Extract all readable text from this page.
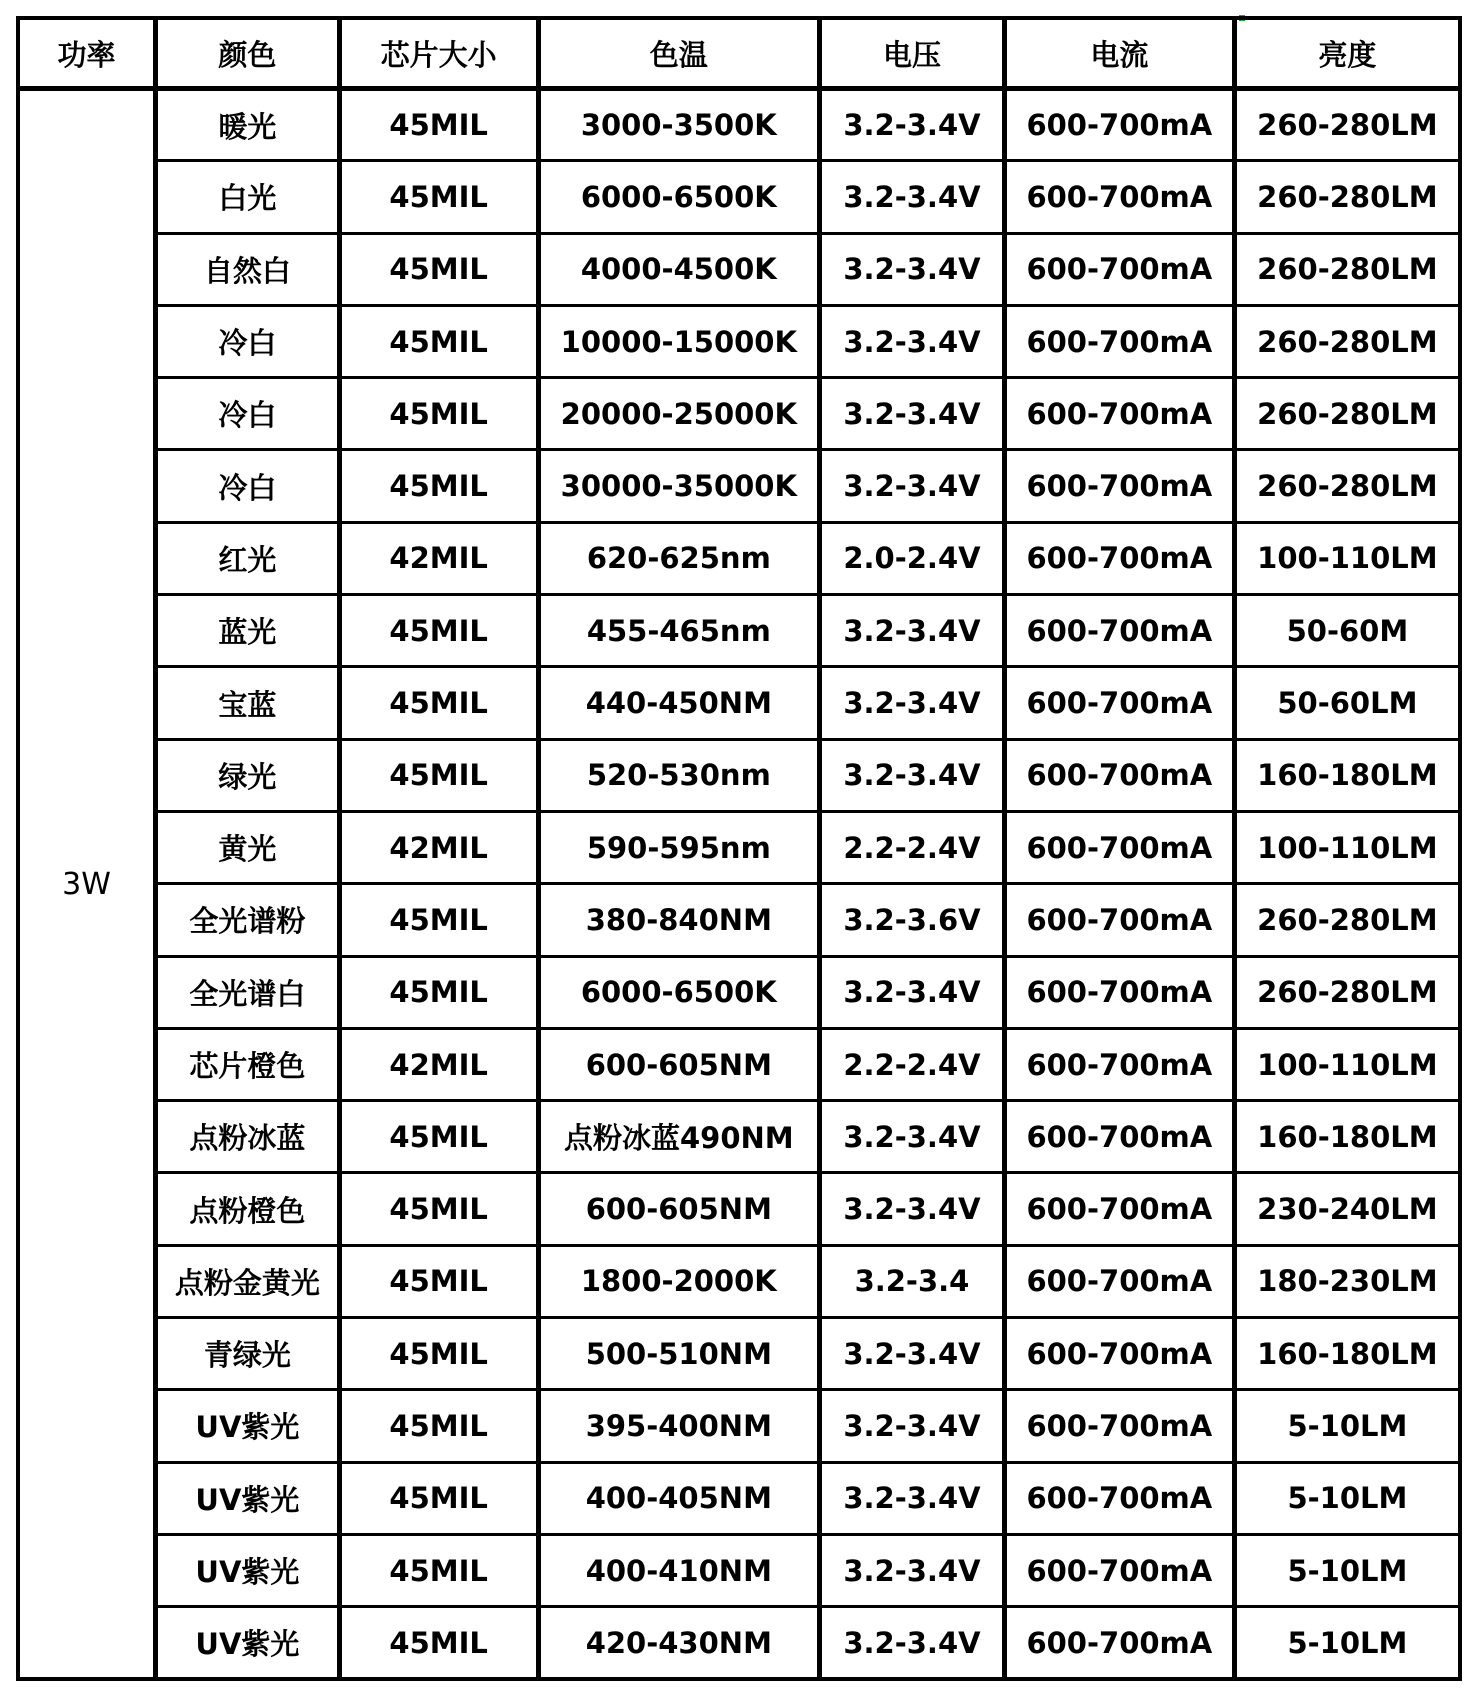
功率	颜色	芯片大小	色温	电压	电流	亮度
3W	暖光	45MIL	3000-3500K	3.2-3.4V	600-700mA	260-280LM
	白光	45MIL	6000-6500K	3.2-3.4V	600-700mA	260-280LM
	自然白	45MIL	4000-4500K	3.2-3.4V	600-700mA	260-280LM
	冷白	45MIL	10000-15000K	3.2-3.4V	600-700mA	260-280LM
	冷白	45MIL	20000-25000K	3.2-3.4V	600-700mA	260-280LM
	冷白	45MIL	30000-35000K	3.2-3.4V	600-700mA	260-280LM
	红光	42MIL	620-625nm	2.0-2.4V	600-700mA	100-110LM
	蓝光	45MIL	455-465nm	3.2-3.4V	600-700mA	50-60M
	宝蓝	45MIL	440-450NM	3.2-3.4V	600-700mA	50-60LM
	绿光	45MIL	520-530nm	3.2-3.4V	600-700mA	160-180LM
	黄光	42MIL	590-595nm	2.2-2.4V	600-700mA	100-110LM
	全光谱粉	45MIL	380-840NM	3.2-3.6V	600-700mA	260-280LM
	全光谱白	45MIL	6000-6500K	3.2-3.4V	600-700mA	260-280LM
	芯片橙色	42MIL	600-605NM	2.2-2.4V	600-700mA	100-110LM
	点粉冰蓝	45MIL	点粉冰蓝490NM	3.2-3.4V	600-700mA	160-180LM
	点粉橙色	45MIL	600-605NM	3.2-3.4V	600-700mA	230-240LM
	点粉金黄光	45MIL	1800-2000K	3.2-3.4	600-700mA	180-230LM
	青绿光	45MIL	500-510NM	3.2-3.4V	600-700mA	160-180LM
	UV紫光	45MIL	395-400NM	3.2-3.4V	600-700mA	5-10LM
	UV紫光	45MIL	400-405NM	3.2-3.4V	600-700mA	5-10LM
	UV紫光	45MIL	400-410NM	3.2-3.4V	600-700mA	5-10LM
	UV紫光	45MIL	420-430NM	3.2-3.4V	600-700mA	5-10LM
